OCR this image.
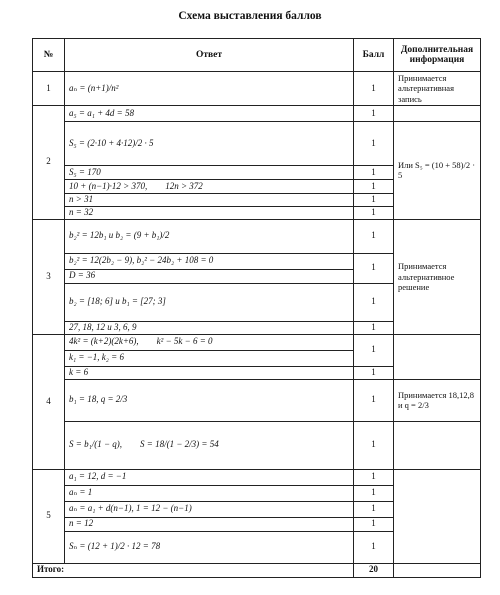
Схема выставления баллов
№	Ответ	Балл	Дополнительная информация
1	aₙ = (n+1)/n²	1	Принимается альтернативная запись
2	a₅ = a₁ + 4d = 58	1	
	S₅ = (2·10 + 4·12)/2 · 5	1	Или S₅ = (10 + 58)/2 · 5
	S₅ = 170	1	
	10 + (n−1)·12 > 370, 12n > 372	1	
	n > 31	1	
	n = 32	1	
3	b₂² = 12b₁ и b₂ = (9 + b₁)/2	1	Принимается альтернативное решение
	b₂² = 12(2b₂ − 9), b₂² − 24b₂ + 108 = 0	1	
	D = 36		
	b₂ = [18; 6] и b₁ = [27; 3]	1	
	27, 18, 12 и 3, 6, 9	1	
4	4k² = (k+2)(2k+6), k² − 5k − 6 = 0	1	
	k₁ = −1, k₂ = 6		
	k = 6	1	
	b₁ = 18, q = 2/3	1	Принимается 18,12,8 и q = 2/3
	S = b₁/(1 − q), S = 18/(1 − 2/3) = 54	1	
5	a₁ = 12, d = −1	1	
	aₙ = 1	1	
	aₙ = a₁ + d(n−1), 1 = 12 − (n−1)	1	
	n = 12	1	
	Sₙ = (12 + 1)/2 · 12 = 78	1	
Итого:		20	
